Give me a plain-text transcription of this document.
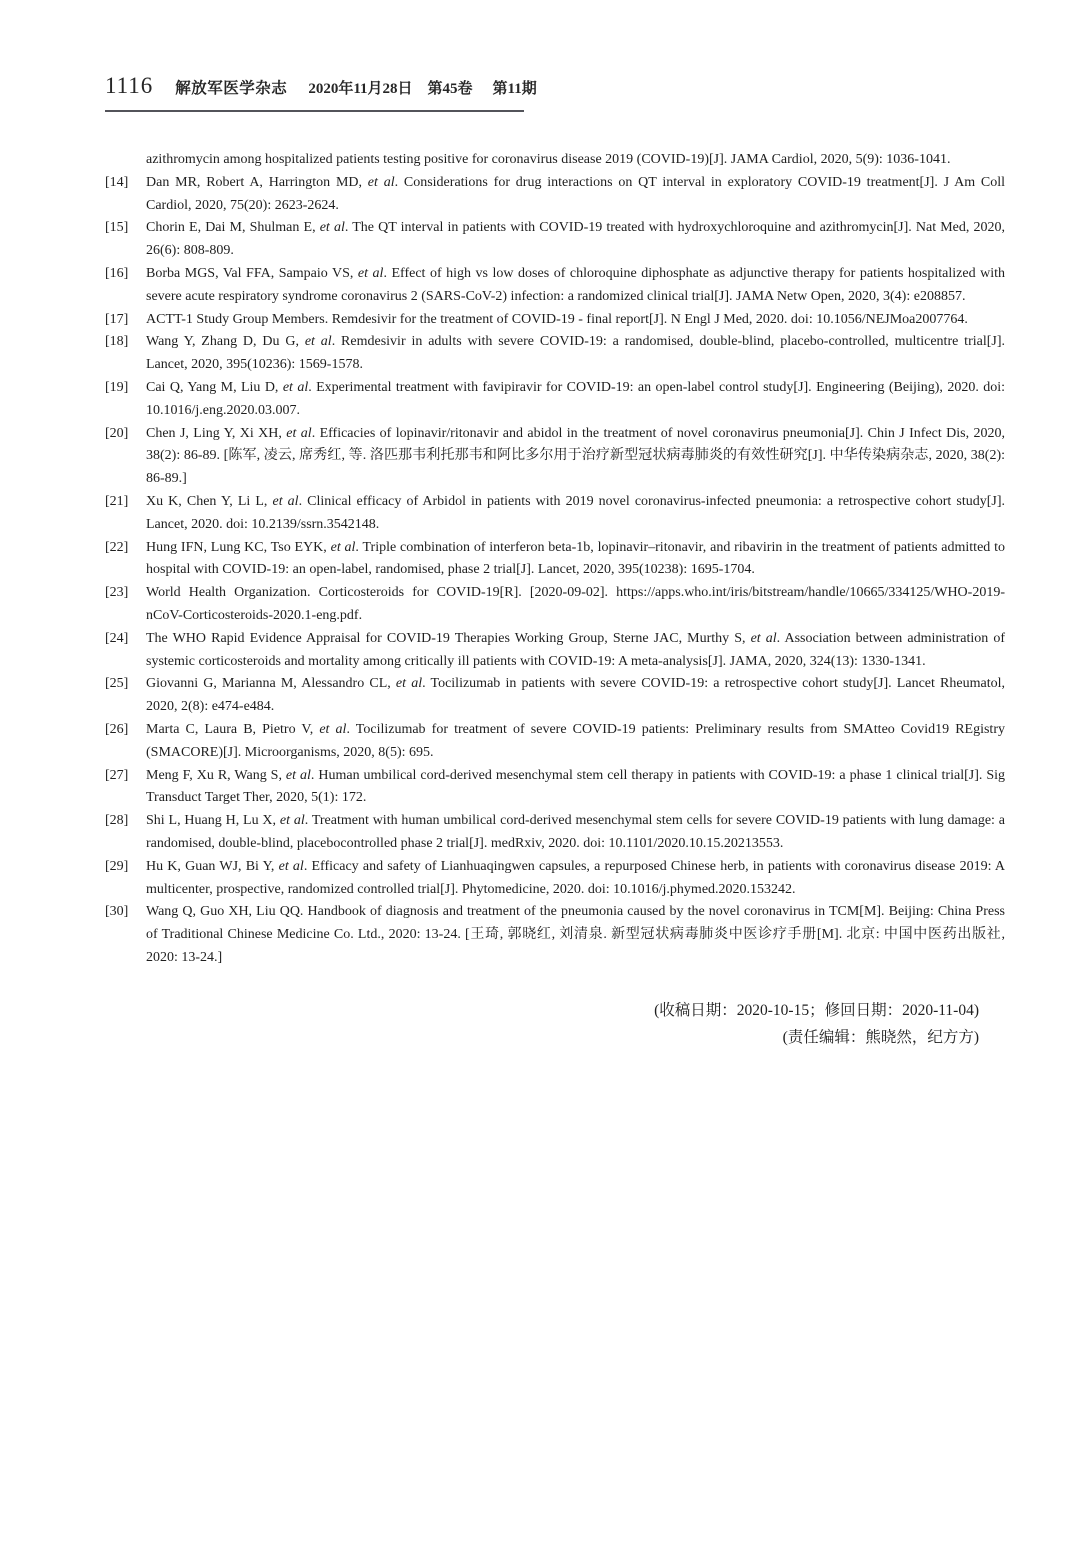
1116 解放军医学杂志 2020年11月28日 第45卷 第11期
azithromycin among hospitalized patients testing positive for coronavirus disease 2019 (COVID-19)[J]. JAMA Cardiol, 2020, 5(9): 1036-1041.
[14] Dan MR, Robert A, Harrington MD, et al. Considerations for drug interactions on QT interval in exploratory COVID-19 treatment[J]. J Am Coll Cardiol, 2020, 75(20): 2623-2624.
[15] Chorin E, Dai M, Shulman E, et al. The QT interval in patients with COVID-19 treated with hydroxychloroquine and azithromycin[J]. Nat Med, 2020, 26(6): 808-809.
[16] Borba MGS, Val FFA, Sampaio VS, et al. Effect of high vs low doses of chloroquine diphosphate as adjunctive therapy for patients hospitalized with severe acute respiratory syndrome coronavirus 2 (SARS-CoV-2) infection: a randomized clinical trial[J]. JAMA Netw Open, 2020, 3(4): e208857.
[17] ACTT-1 Study Group Members. Remdesivir for the treatment of COVID-19 - final report[J]. N Engl J Med, 2020. doi: 10.1056/NEJMoa2007764.
[18] Wang Y, Zhang D, Du G, et al. Remdesivir in adults with severe COVID-19: a randomised, double-blind, placebo-controlled, multicentre trial[J]. Lancet, 2020, 395(10236): 1569-1578.
[19] Cai Q, Yang M, Liu D, et al. Experimental treatment with favipiravir for COVID-19: an open-label control study[J]. Engineering (Beijing), 2020. doi: 10.1016/j.eng.2020.03.007.
[20] Chen J, Ling Y, Xi XH, et al. Efficacies of lopinavir/ritonavir and abidol in the treatment of novel coronavirus pneumonia[J]. Chin J Infect Dis, 2020, 38(2): 86-89. [陈军, 凌云, 席秀红, 等. 洛匹那韦利托那韦和阿比多尔用于治疗新型冠状病毒肺炎的有效性研究[J]. 中华传染病杂志, 2020, 38(2): 86-89.]
[21] Xu K, Chen Y, Li L, et al. Clinical efficacy of Arbidol in patients with 2019 novel coronavirus-infected pneumonia: a retrospective cohort study[J]. Lancet, 2020. doi: 10.2139/ssrn.3542148.
[22] Hung IFN, Lung KC, Tso EYK, et al. Triple combination of interferon beta-1b, lopinavir–ritonavir, and ribavirin in the treatment of patients admitted to hospital with COVID-19: an open-label, randomised, phase 2 trial[J]. Lancet, 2020, 395(10238): 1695-1704.
[23] World Health Organization. Corticosteroids for COVID-19[R]. [2020-09-02]. https://apps.who.int/iris/bitstream/handle/10665/334125/WHO-2019-nCoV-Corticosteroids-2020.1-eng.pdf.
[24] The WHO Rapid Evidence Appraisal for COVID-19 Therapies Working Group, Sterne JAC, Murthy S, et al. Association between administration of systemic corticosteroids and mortality among critically ill patients with COVID-19: A meta-analysis[J]. JAMA, 2020, 324(13): 1330-1341.
[25] Giovanni G, Marianna M, Alessandro CL, et al. Tocilizumab in patients with severe COVID-19: a retrospective cohort study[J]. Lancet Rheumatol, 2020, 2(8): e474-e484.
[26] Marta C, Laura B, Pietro V, et al. Tocilizumab for treatment of severe COVID-19 patients: Preliminary results from SMAtteo Covid19 REgistry (SMACORE)[J]. Microorganisms, 2020, 8(5): 695.
[27] Meng F, Xu R, Wang S, et al. Human umbilical cord-derived mesenchymal stem cell therapy in patients with COVID-19: a phase 1 clinical trial[J]. Sig Transduct Target Ther, 2020, 5(1): 172.
[28] Shi L, Huang H, Lu X, et al. Treatment with human umbilical cord-derived mesenchymal stem cells for severe COVID-19 patients with lung damage: a randomised, double-blind, placebocontrolled phase 2 trial[J]. medRxiv, 2020. doi: 10.1101/2020.10.15.20213553.
[29] Hu K, Guan WJ, Bi Y, et al. Efficacy and safety of Lianhuaqingwen capsules, a repurposed Chinese herb, in patients with coronavirus disease 2019: A multicenter, prospective, randomized controlled trial[J]. Phytomedicine, 2020. doi: 10.1016/j.phymed.2020.153242.
[30] Wang Q, Guo XH, Liu QQ. Handbook of diagnosis and treatment of the pneumonia caused by the novel coronavirus in TCM[M]. Beijing: China Press of Traditional Chinese Medicine Co. Ltd., 2020: 13-24. [王琦, 郭晓红, 刘清泉. 新型冠状病毒肺炎中医诊疗手册[M]. 北京: 中国中医药出版社, 2020: 13-24.]
(收稿日期：2020-10-15；修回日期：2020-11-04)
(责任编辑：熊晓然，纪方方)
